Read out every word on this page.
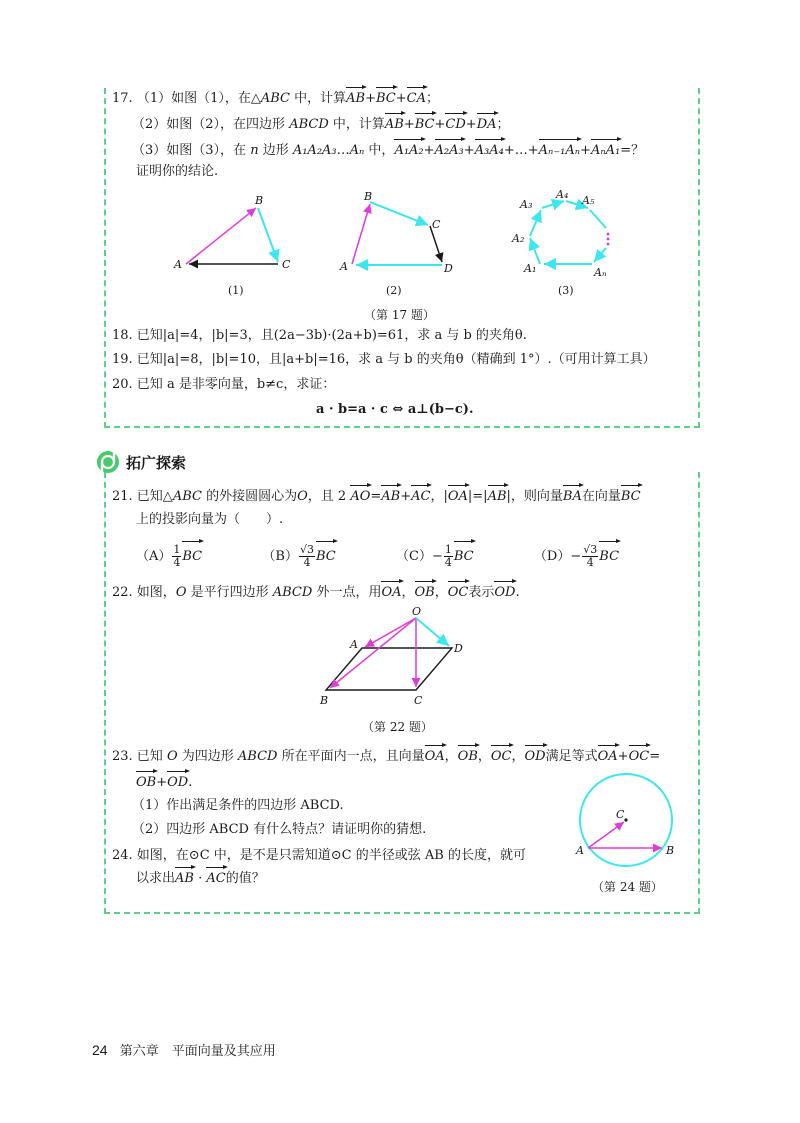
17. （1）如图（1），在△ABC 中，计算AB+BC+CA；
（2）如图（2），在四边形 ABCD 中，计算AB+BC+CD+DA；
（3）如图（3），在 n 边形 A₁A₂A₃…Aₙ 中，A₁A₂+A₂A₃+A₃A₄+…+Aₙ₋₁Aₙ+AₙA₁=？
证明你的结论.
A
B
C	A
B
C
D	A₁
A₂
A₃
A₄ A₅
Aₙ
(1)	(2)	(3)
（第 17 题）
18. 已知|a|=4，|b|=3，且(2a−3b)·(2a+b)=61，求 a 与 b 的夹角θ.
19. 已知|a|=8，|b|=10，且|a+b|=16，求 a 与 b 的夹角θ（精确到 1°）.（可用计算工具）
20. 已知 a 是非零向量，b≠c，求证：
a · b=a · c ⇔ a⊥(b−c).
拓广探索
21. 已知△ABC 的外接圆圆心为O，且 2 AO=AB+AC，|OA|=|AB|，则向量BA在向量BC
上的投影向量为（　　）.
$(A) \frac{1}{4}$ BC	$(B) \frac{√3}{4}$ BC	$(C)- \frac{1}{4}$ BC	$(D)- \frac{√3}{4}$ BC
22. 如图，O 是平行四边形 ABCD 外一点，用OA，OB，OC表示OD.
O
A	D
B	C
（第 22 题）
23. 已知 O 为四边形 ABCD 所在平面内一点，且向量OA，OB，OC，OD满足等式OA+OC=
OB+OD.
（1）作出满足条件的四边形 ABCD.
（2）四边形 ABCD 有什么特点？请证明你的猜想.
24. 如图，在⊙C 中，是不是只需知道⊙C 的半径或弦 AB 的长度，就可
以求出AB · AC的值？
C
A	B
（第 24 题）
24 第六章　平面向量及其应用
